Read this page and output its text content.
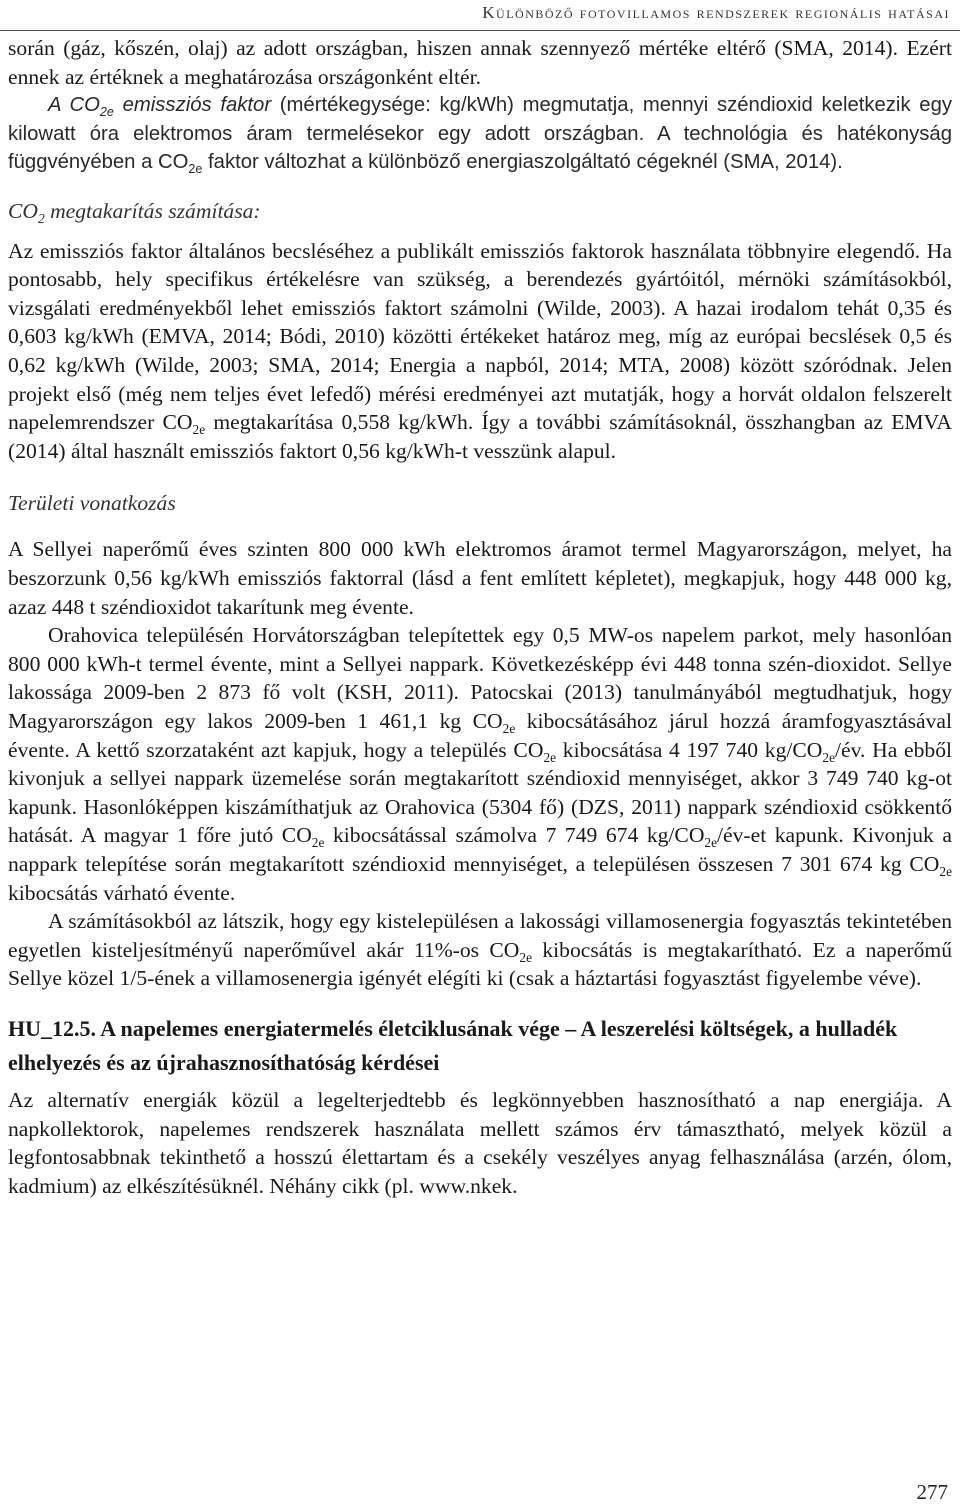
Különböző fotovillamos rendszerek regionális hatásai

során (gáz, kőszén, olaj) az adott országban, hiszen annak szennyező mértéke eltérő (SMA, 2014). Ezért ennek az értéknek a meghatározása országonként eltér.

A $CO_{2e}$ emissziós faktor (mértékegysége: kg/kWh) megmutatja, mennyi széndioxid keletkezik egy kilowatt óra elektromos áram termelésekor egy adott országban. A technológia és hatékonyság függvényében a $CO_{2e}$ faktor változhat a különböző energiaszolgáltató cégeknél (SMA, 2014).

$CO_2$ megtakarítás számítása:

Az emissziós faktor általános becsléséhez a publikált emissziós faktorok használata többnyire elegendő. Ha pontosabb, hely specifikus értékelésre van szükség, a berendezés gyártóitól, mérnöki számításokból, vizsgálati eredményekből lehet emissziós faktort számolni (Wilde, 2003). A hazai irodalom tehát 0,35 és 0,603 kg/kWh (EMVA, 2014; Bódi, 2010) közötti értékeket határoz meg, míg az európai becslések 0,5 és 0,62 kg/kWh (Wilde, 2003; SMA, 2014; Energia a napból, 2014; MTA, 2008) között szóródnak. Jelen projekt első (még nem teljes évet lefedő) mérési eredményei azt mutatják, hogy a horvát oldalon felszerelt napelemrendszer $CO_{2e}$ megtakarítása 0,558 kg/kWh. Így a további számításoknál, összhangban az EMVA (2014) által használt emissziós faktort 0,56 kg/kWh-t vesszünk alapul.

Területi vonatkozás

A Sellyei naperőmű éves szinten 800 000 kWh elektromos áramot termel Magyarországon, melyet, ha beszorzunk 0,56 kg/kWh emissziós faktorral (lásd a fent említett képletet), megkapjuk, hogy 448 000 kg, azaz 448 t széndioxidot takarítunk meg évente.

Orahovica településén Horvátországban telepítettek egy 0,5 MW-os napelem parkot, mely hasonlóan 800 000 kWh-t termel évente, mint a Sellyei nappark. Következésképp évi 448 tonna szén-dioxidot. Sellye lakossága 2009-ben 2 873 fő volt (KSH, 2011). Patocskai (2013) tanulmányából megtudhatjuk, hogy Magyarországon egy lakos 2009-ben 1 461,1 kg $CO_{2e}$ kibocsátásához járul hozzá áramfogyasztásával évente. A kettő szorzataként azt kapjuk, hogy a település $CO_{2e}$ kibocsátása 4 197 740 $kg/CO_{2e}/év$. Ha ebből kivonjuk a sellyei nappark üzemelése során megtakarított széndioxid mennyiséget, akkor 3 749 740 kg-ot kapunk. Hasonlóképpen kiszámíthatjuk az Orahovica (5304 fő) (DZS, 2011) nappark széndioxid csökkentő hatását. A magyar 1 főre jutó $CO_{2e}$ kibocsátással számolva 7 749 674 $kg/CO_{2e}/év-et$ kapunk. Kivonjuk a nappark telepítése során megtakarított széndioxid mennyiséget, a településen összesen 7 301 674 kg $CO_{2e}$ kibocsátás várható évente.

A számításokból az látszik, hogy egy kistelepülésen a lakossági villamosenergia fogyasztás tekintetében egyetlen kisteljesítményű naperőművel akár 11%-os $CO_{2e}$ kibocsátás is megtakarítható. Ez a naperőmű Sellye közel 1/5-ének a villamosenergia igényét elégíti ki (csak a háztartási fogyasztást figyelembe véve).

HU_12.5. A napelemes energiatermelés életciklusának vége – A leszerelési költségek, a hulladék elhelyezés és az újrahasznosíthatóság kérdései

Az alternatív energiák közül a legelterjedtebb és legkönnyebben hasznosítható a nap energiája. A napkollektorok, napelemes rendszerek használata mellett számos érv támasztható, melyek közül a legfontosabbnak tekinthető a hosszú élettartam és a csekély veszélyes anyag felhasználása (arzén, ólom, kadmium) az elkészítésüknél. Néhány cikk (pl. www.nkek.

277
